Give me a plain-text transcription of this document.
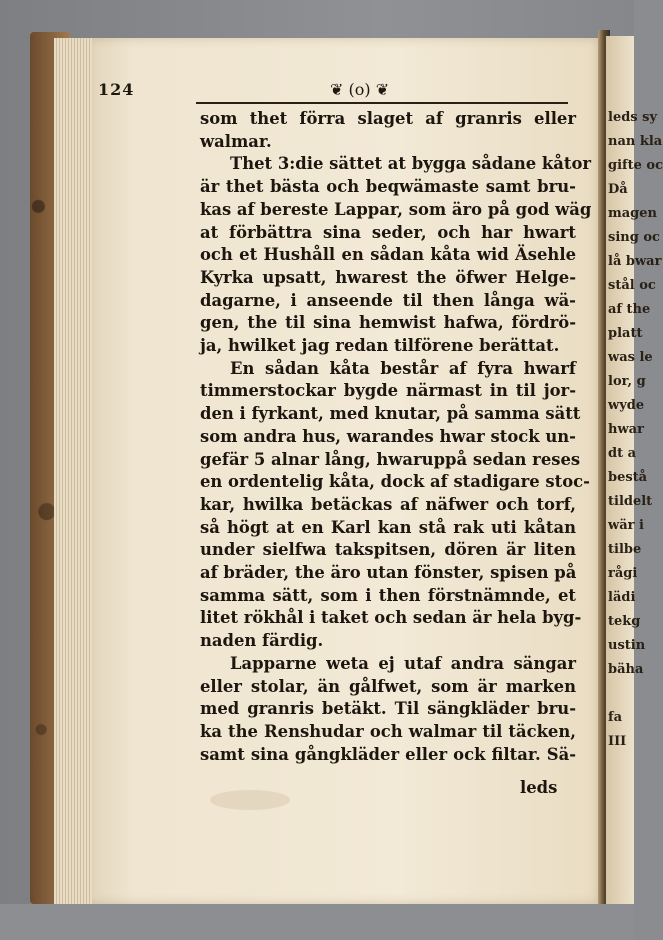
124	❦ (o) ❦
som thet förra slaget af granris eller
walmar.
Thet 3:die sättet at bygga sådane kåtor
är thet bästa och beqwämaste samt bru-
kas af bereste Lappar, som äro på god wäg
at förbättra sina seder, och har hwart
och et Hushåll en sådan kåta wid Äsehle
Kyrka upsatt, hwarest the öfwer Helge-
dagarne, i anseende til then långa wä-
gen, the til sina hemwist hafwa, fördrö-
ja, hwilket jag redan tilförene berättat.
En sådan kåta består af fyra hwarf
timmerstockar bygde närmast in til jor-
den i fyrkant, med knutar, på samma sätt
som andra hus, warandes hwar stock un-
gefär 5 alnar lång, hwaruppå sedan reses
en ordentelig kåta, dock af stadigare stoc-
kar, hwilka betäckas af näfwer och torf,
så högt at en Karl kan stå rak uti kåtan
under sielfwa takspitsen, dören är liten
af bräder, the äro utan fönster, spisen på
samma sätt, som i then förstnämnde, et
litet rökhål i taket och sedan är hela byg-
naden färdig.
Lapparne weta ej utaf andra sängar
eller stolar, än gålfwet, som är marken
med granris betäkt. Til sängkläder bru-
ka the Renshudar och walmar til täcken,
samt sina gångkläder eller ock filtar. Sä-
leds
leds sy
nan kla
gifte oc
Då
magen
sing oc
lå bwar
stål oc
af the
platt
was le
lor, g
wyde
hwar
dt a
bestå
tildelt
wär i
tilbe
rågi
lädi
tekg
ustin
bäha
fa
III
